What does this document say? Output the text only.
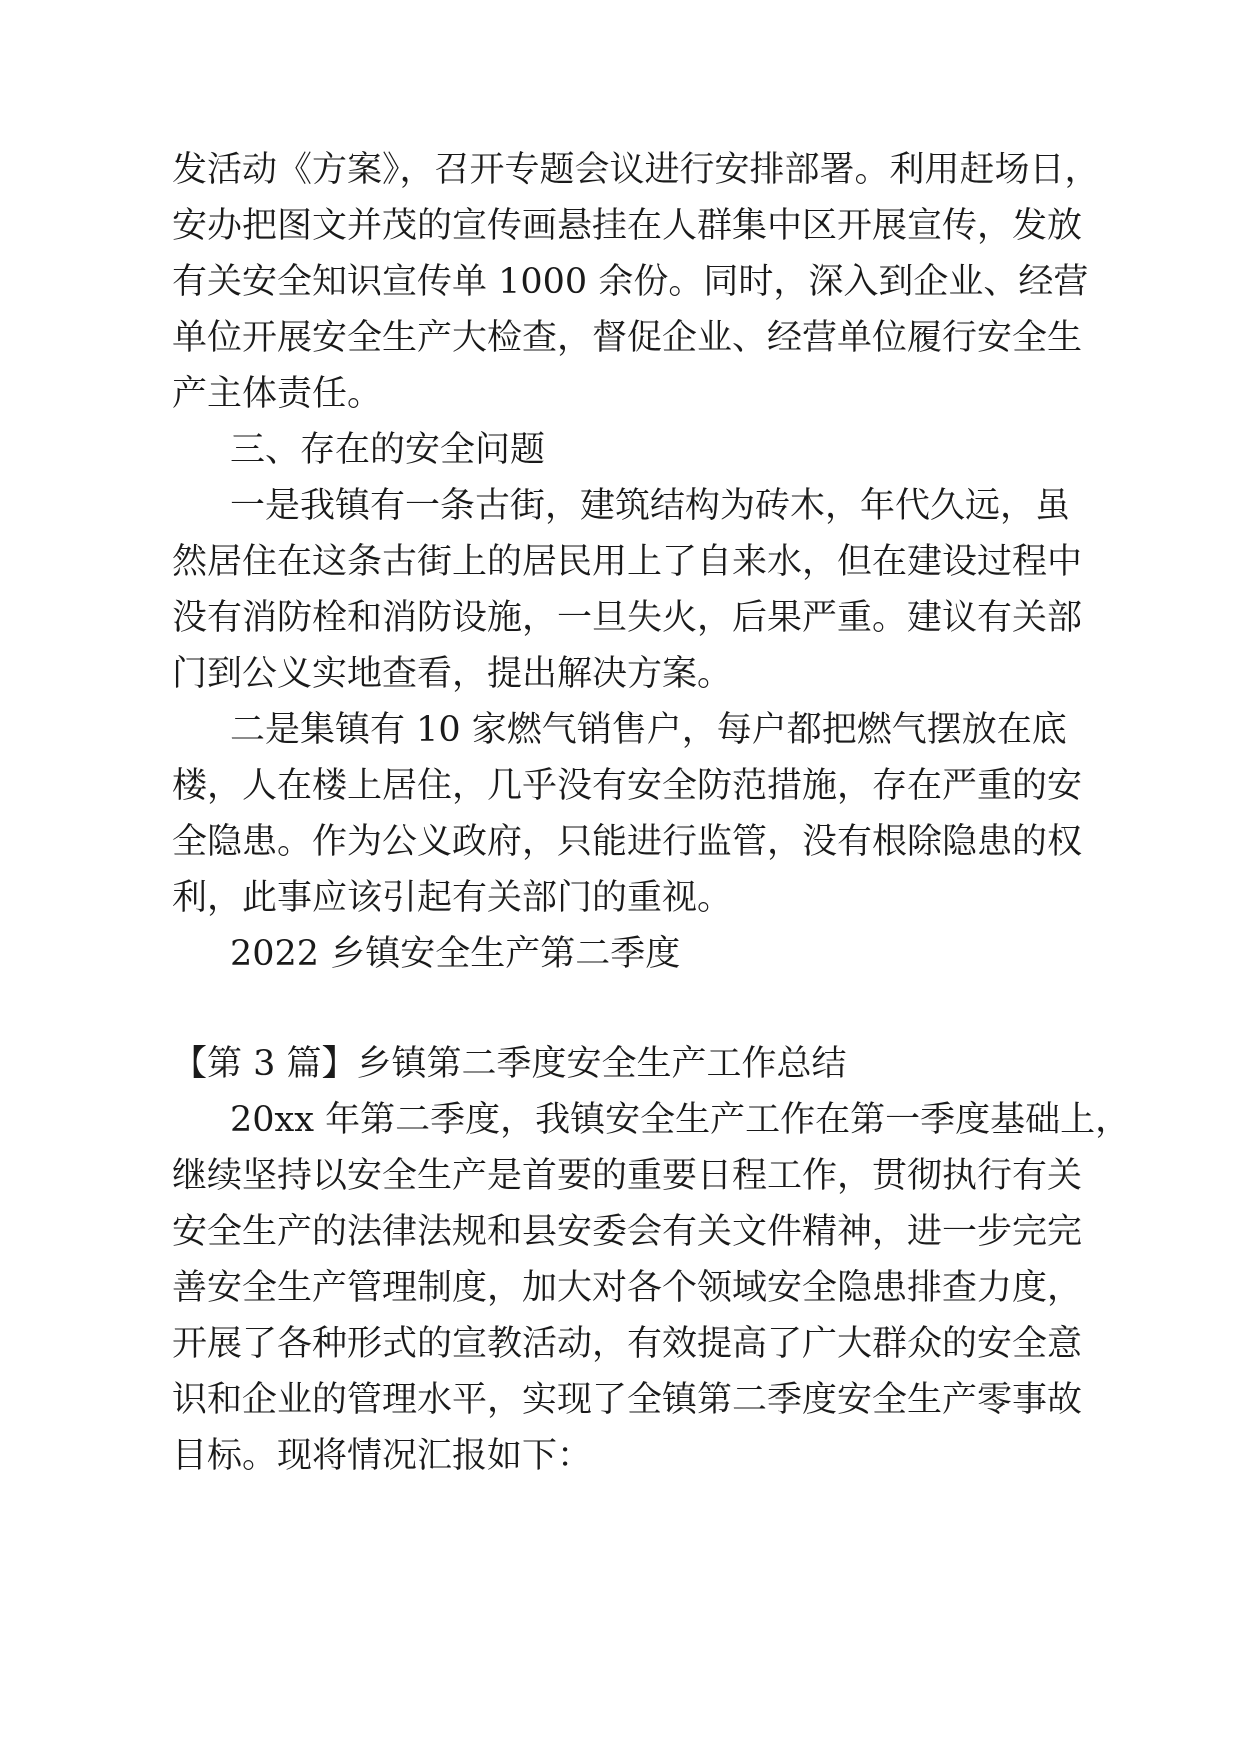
发活动《方案》，召开专题会议进行安排部署。利用赶场日，

安办把图文并茂的宣传画悬挂在人群集中区开展宣传，发放

有关安全知识宣传单 1000 余份。同时，深入到企业、经营

单位开展安全生产大检查，督促企业、经营单位履行安全生

产主体责任。

三、存在的安全问题

一是我镇有一条古街，建筑结构为砖木，年代久远，虽

然居住在这条古街上的居民用上了自来水，但在建设过程中

没有消防栓和消防设施，一旦失火，后果严重。建议有关部

门到公义实地查看，提出解决方案。

二是集镇有 10 家燃气销售户，每户都把燃气摆放在底

楼，人在楼上居住，几乎没有安全防范措施，存在严重的安

全隐患。作为公义政府，只能进行监管，没有根除隐患的权

利，此事应该引起有关部门的重视。

2022 乡镇安全生产第二季度

【第 3 篇】乡镇第二季度安全生产工作总结

20xx 年第二季度，我镇安全生产工作在第一季度基础上，

继续坚持以安全生产是首要的重要日程工作，贯彻执行有关

安全生产的法律法规和县安委会有关文件精神，进一步完完

善安全生产管理制度，加大对各个领域安全隐患排查力度，

开展了各种形式的宣教活动，有效提高了广大群众的安全意

识和企业的管理水平，实现了全镇第二季度安全生产零事故

目标。现将情况汇报如下：
